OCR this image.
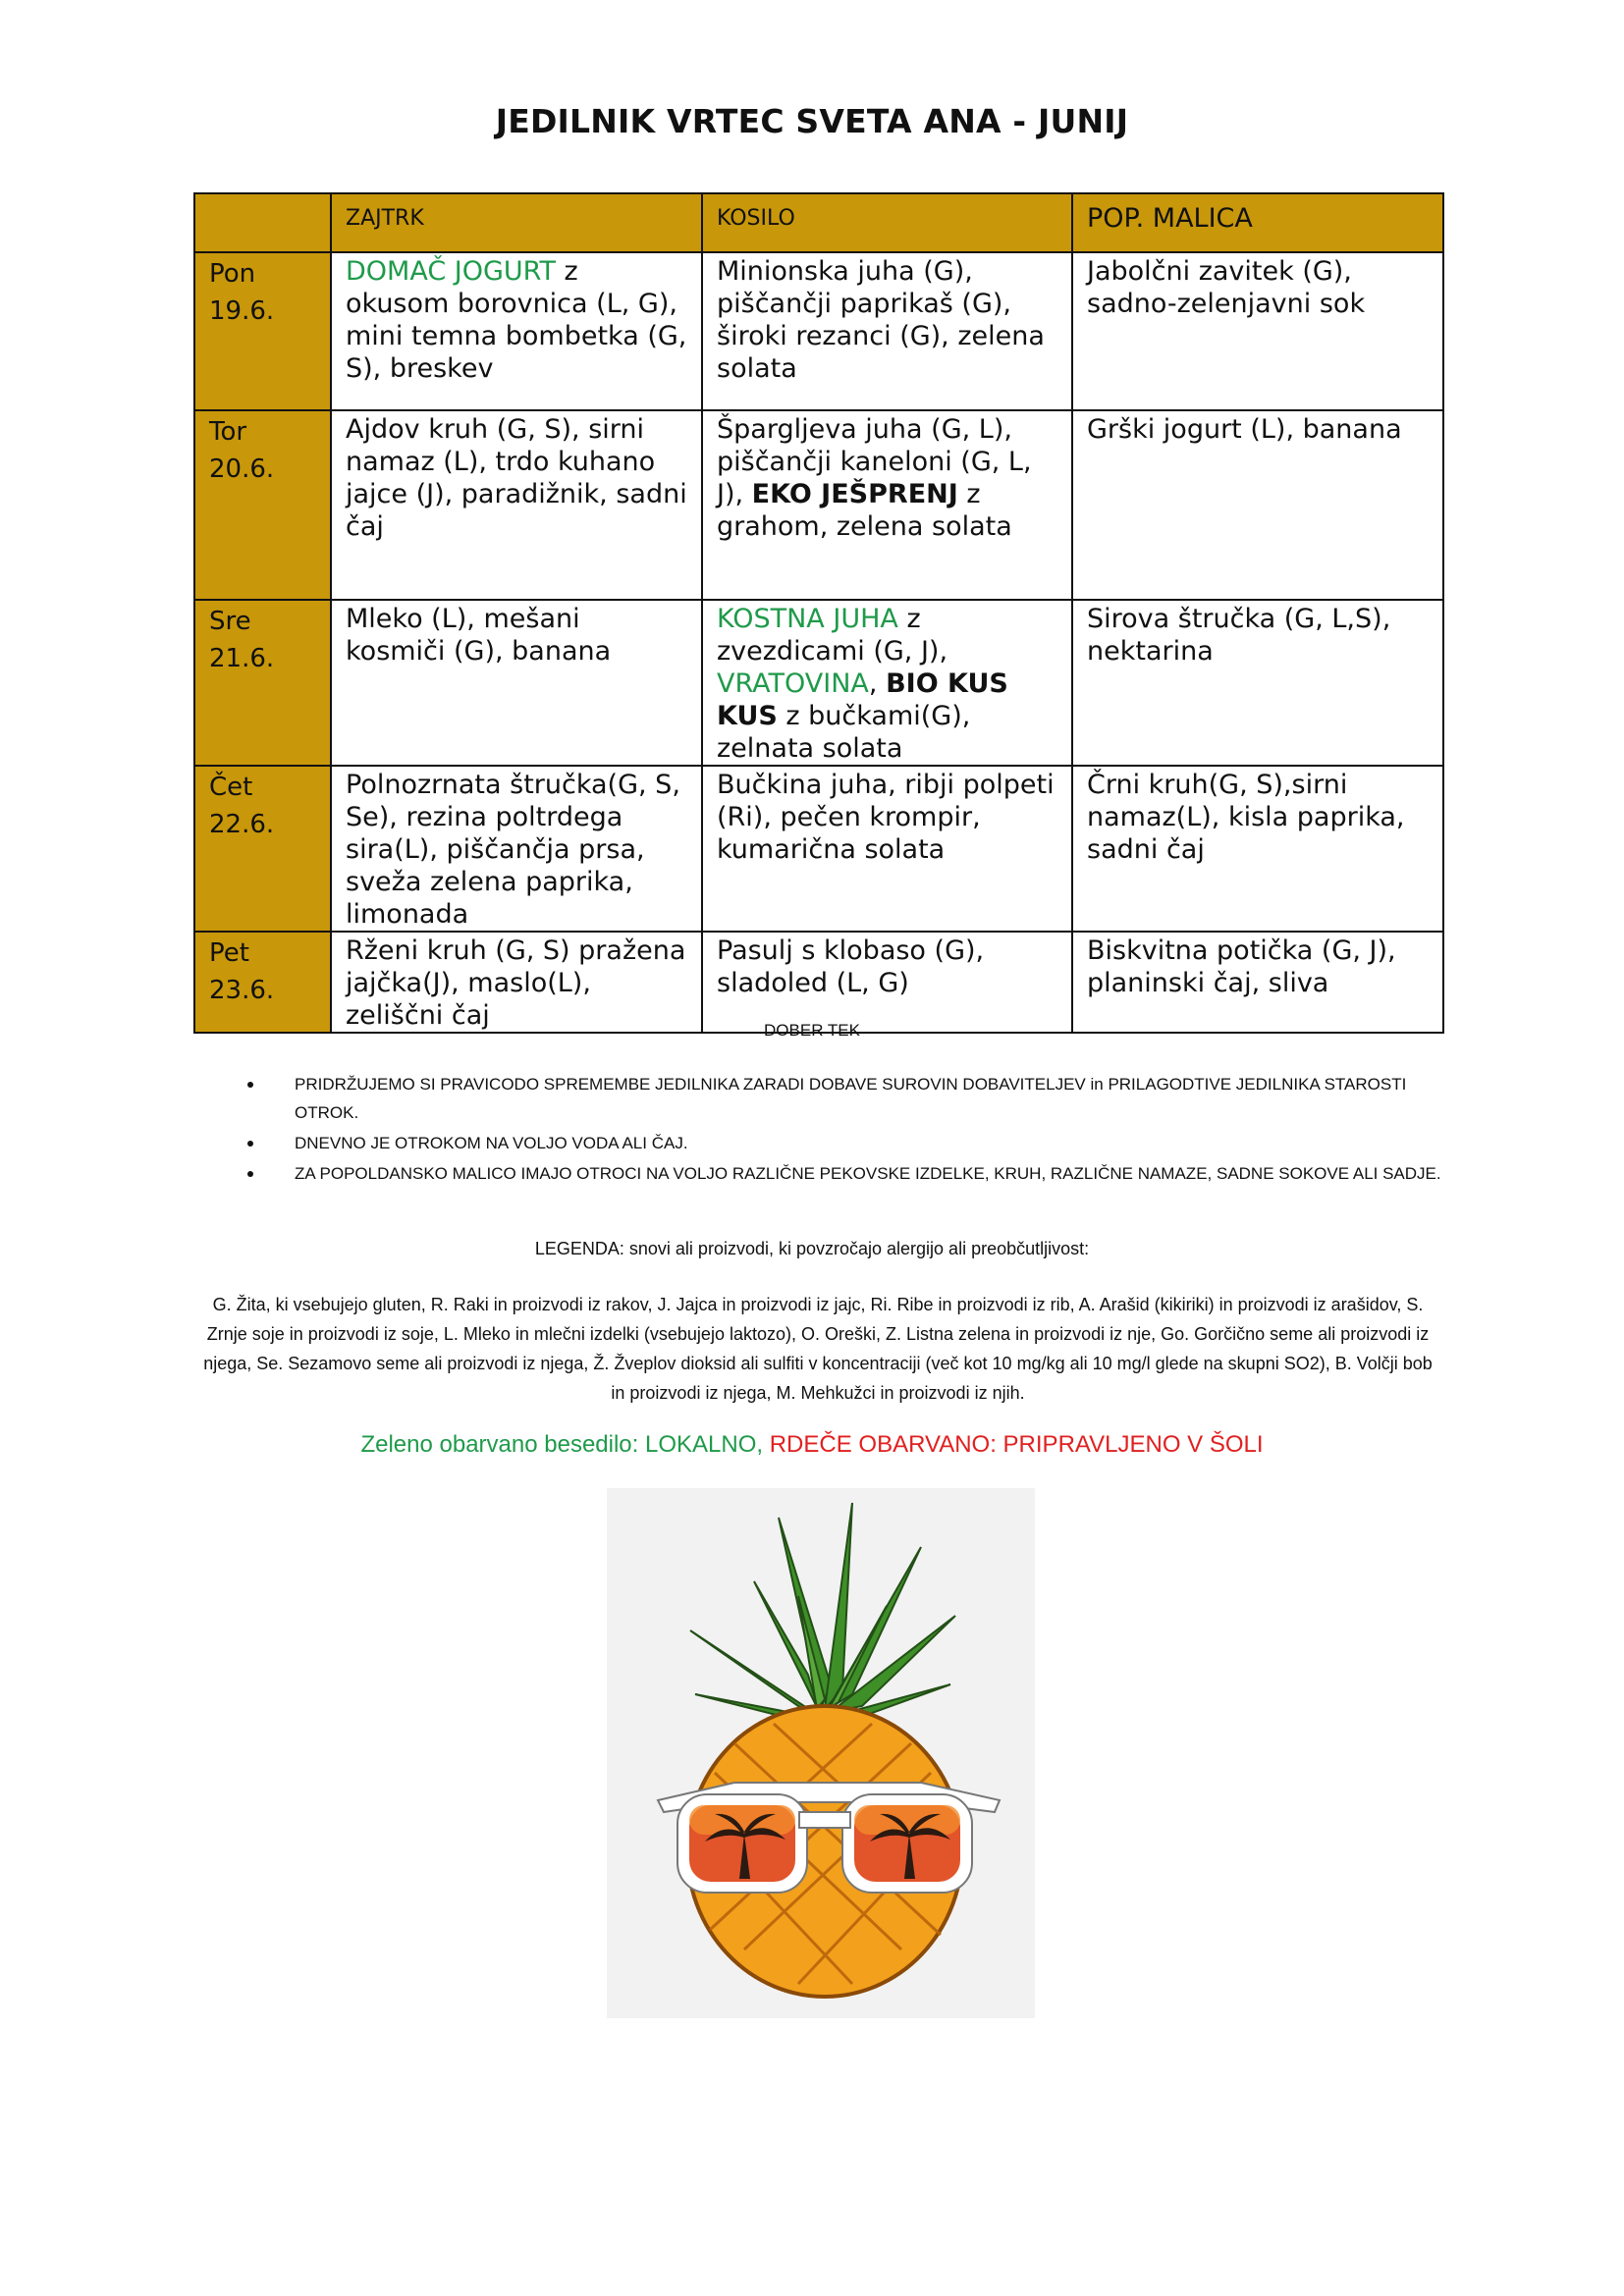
JEDILNIK VRTEC SVETA ANA - JUNIJ
	ZAJTRK	KOSILO	POP. MALICA
Pon
19.6.	DOMAČ JOGURT z okusom borovnica (L, G), mini temna bombetka (G, S), breskev	Minionska juha (G), piščančji paprikaš (G), široki rezanci (G), zelena solata	Jabolčni zavitek (G), sadno-zelenjavni sok
Tor
20.6.	Ajdov kruh (G, S), sirni namaz (L), trdo kuhano jajce (J), paradižnik, sadni čaj	Špargljeva juha (G, L), piščančji kaneloni (G, L, J), EKO JEŠPRENJ z grahom, zelena solata	Grški jogurt (L), banana
Sre
21.6.	Mleko (L), mešani kosmiči (G), banana	KOSTNA JUHA z zvezdicami (G, J), VRATOVINA, BIO KUS KUS z bučkami(G), zelnata solata	Sirova štručka (G, L,S), nektarina
Čet
22.6.	Polnozrnata štručka(G, S, Se), rezina poltrdega sira(L), piščančja prsa, sveža zelena paprika, limonada	Bučkina juha, ribji polpeti (Ri), pečen krompir, kumarična solata	Črni kruh(G, S),sirni namaz(L), kisla paprika, sadni čaj
Pet
23.6.	Rženi kruh (G, S) pražena jajčka(J), maslo(L), zeliščni čaj	Pasulj s klobaso (G), sladoled (L, G)	Biskvitna potička (G, J), planinski čaj, sliva
DOBER TEK
PRIDRŽUJEMO SI PRAVICODO SPREMEMBE JEDILNIKA ZARADI DOBAVE SUROVIN DOBAVITELJEV in PRILAGODTIVE JEDILNIKA STAROSTI OTROK.
DNEVNO JE OTROKOM NA VOLJO VODA ALI ČAJ.
ZA POPOLDANSKO MALICO IMAJO OTROCI NA VOLJO RAZLIČNE PEKOVSKE IZDELKE, KRUH, RAZLIČNE NAMAZE, SADNE SOKOVE ALI SADJE.
LEGENDA: snovi ali proizvodi, ki povzročajo alergijo ali preobčutljivost:
G. Žita, ki vsebujejo gluten, R. Raki in proizvodi iz rakov, J. Jajca in proizvodi iz jajc, Ri. Ribe in proizvodi iz rib, A. Arašid (kikiriki) in proizvodi iz arašidov, S. Zrnje soje in proizvodi iz soje, L. Mleko in mlečni izdelki (vsebujejo laktozo), O. Oreški, Z. Listna zelena in proizvodi iz nje, Go. Gorčično seme ali proizvodi iz njega, Se. Sezamovo seme ali proizvodi iz njega, Ž. Žveplov dioksid ali sulfiti v koncentraciji (več kot 10 mg/kg ali 10 mg/l glede na skupni SO2), B. Volčji bob in proizvodi iz njega, M. Mehkužci in proizvodi iz njih.
Zeleno obarvano besedilo: LOKALNO, RDEČE OBARVANO: PRIPRAVLJENO V ŠOLI
